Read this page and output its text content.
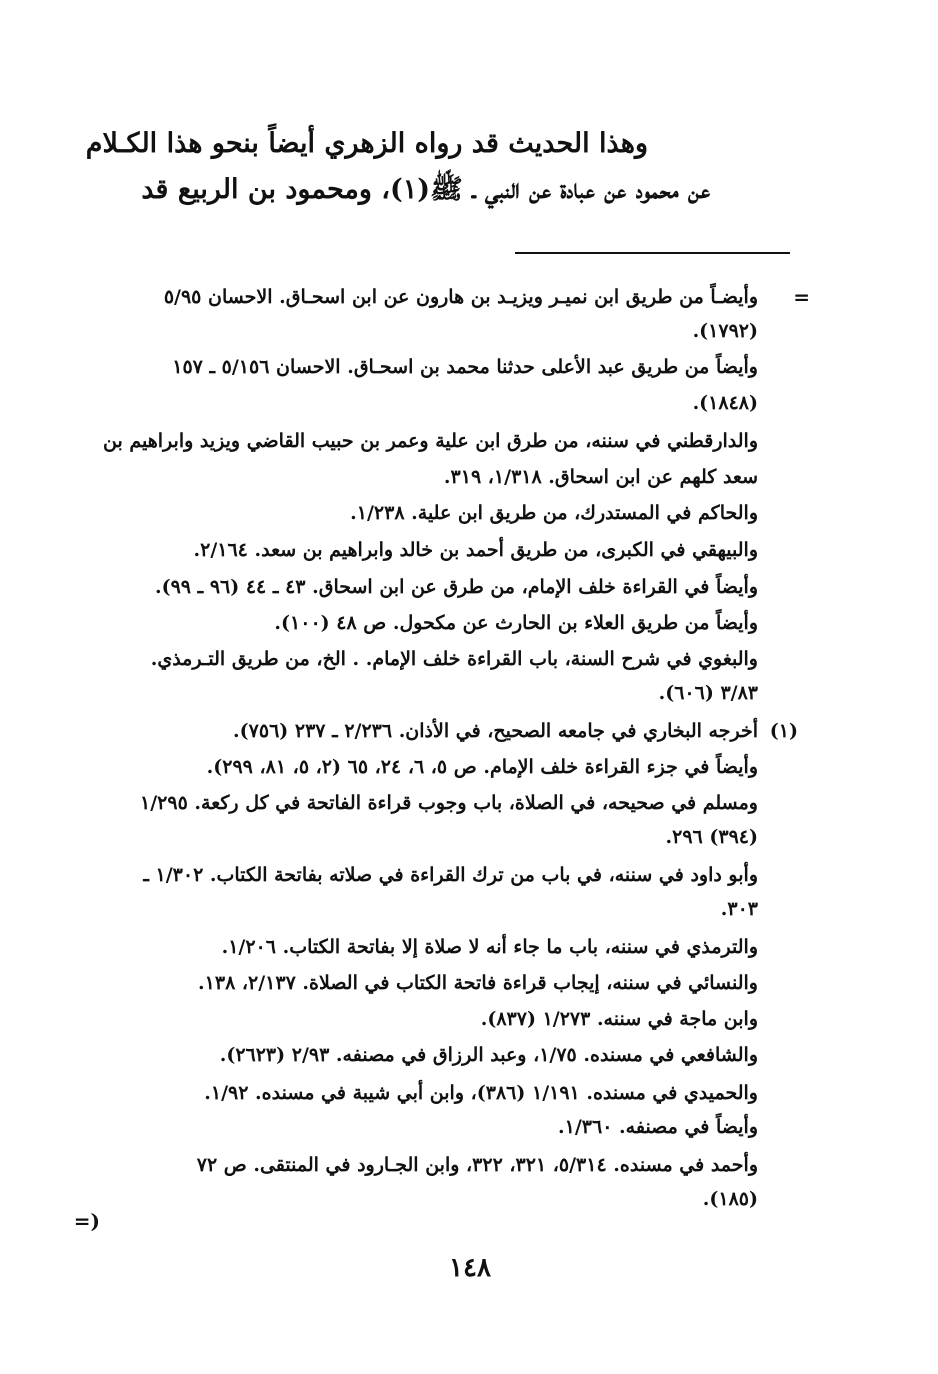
وهذا الحديث قد رواه الزهري أيضاً بنحو هذا الكـلام
عن محمود عن عبادة عن النبي ـ ﷺ(١)، ومحمود بن الربيع قد
=
وأيضـاً من طريق ابن نميـر ويزيـد بن هارون عن ابن اسحـاق. الاحسان ٥/٩٥
(١٧٩٢).
وأيضاً من طريق عبد الأعلى حدثنا محمد بن اسحـاق. الاحسان ٥/١٥٦ ـ ١٥٧
(١٨٤٨).
والدارقطني في سننه، من طرق ابن علية وعمر بن حبيب القاضي ويزيد وابراهيم بن
سعد كلهم عن ابن اسحاق. ١/٣١٨، ٣١٩.
والحاكم في المستدرك، من طريق ابن علية. ١/٢٣٨.
والبيهقي في الكبرى، من طريق أحمد بن خالد وابراهيم بن سعد. ٢/١٦٤.
وأيضاً في القراءة خلف الإمام، من طرق عن ابن اسحاق. ٤٣ ـ ٤٤ (٩٦ ـ ٩٩).
وأيضاً من طريق العلاء بن الحارث عن مكحول. ص ٤٨ (١٠٠).
والبغوي في شرح السنة، باب القراءة خلف الإمام. . الخ، من طريق التـرمذي.
٣/٨٣ (٦٠٦).
(١)
أخرجه البخاري في جامعه الصحيح، في الأذان. ٢/٢٣٦ ـ ٢٣٧ (٧٥٦).
وأيضاً في جزء القراءة خلف الإمام. ص ٥، ٦، ٢٤، ٦٥ (٢، ٥، ٨١، ٢٩٩).
ومسلم في صحيحه، في الصلاة، باب وجوب قراءة الفاتحة في كل ركعة. ١/٢٩٥
(٣٩٤) ٢٩٦.
وأبو داود في سننه، في باب من ترك القراءة في صلاته بفاتحة الكتاب. ١/٣٠٢ ـ
٣٠٣.
والترمذي في سننه، باب ما جاء أنه لا صلاة إلا بفاتحة الكتاب. ١/٢٠٦.
والنسائي في سننه، إيجاب قراءة فاتحة الكتاب في الصلاة. ٢/١٣٧، ١٣٨.
وابن ماجة في سننه. ١/٢٧٣ (٨٣٧).
والشافعي في مسنده. ١/٧٥، وعبد الرزاق في مصنفه. ٢/٩٣ (٢٦٢٣).
والحميدي في مسنده. ١/١٩١ (٣٨٦)، وابن أبي شيبة في مسنده. ١/٩٢.
وأيضاً في مصنفه. ١/٣٦٠.
وأحمد في مسنده. ٥/٣١٤، ٣٢١، ٣٢٢، وابن الجـارود في المنتقى. ص ٧٢
(١٨٥).
=)
١٤٨
